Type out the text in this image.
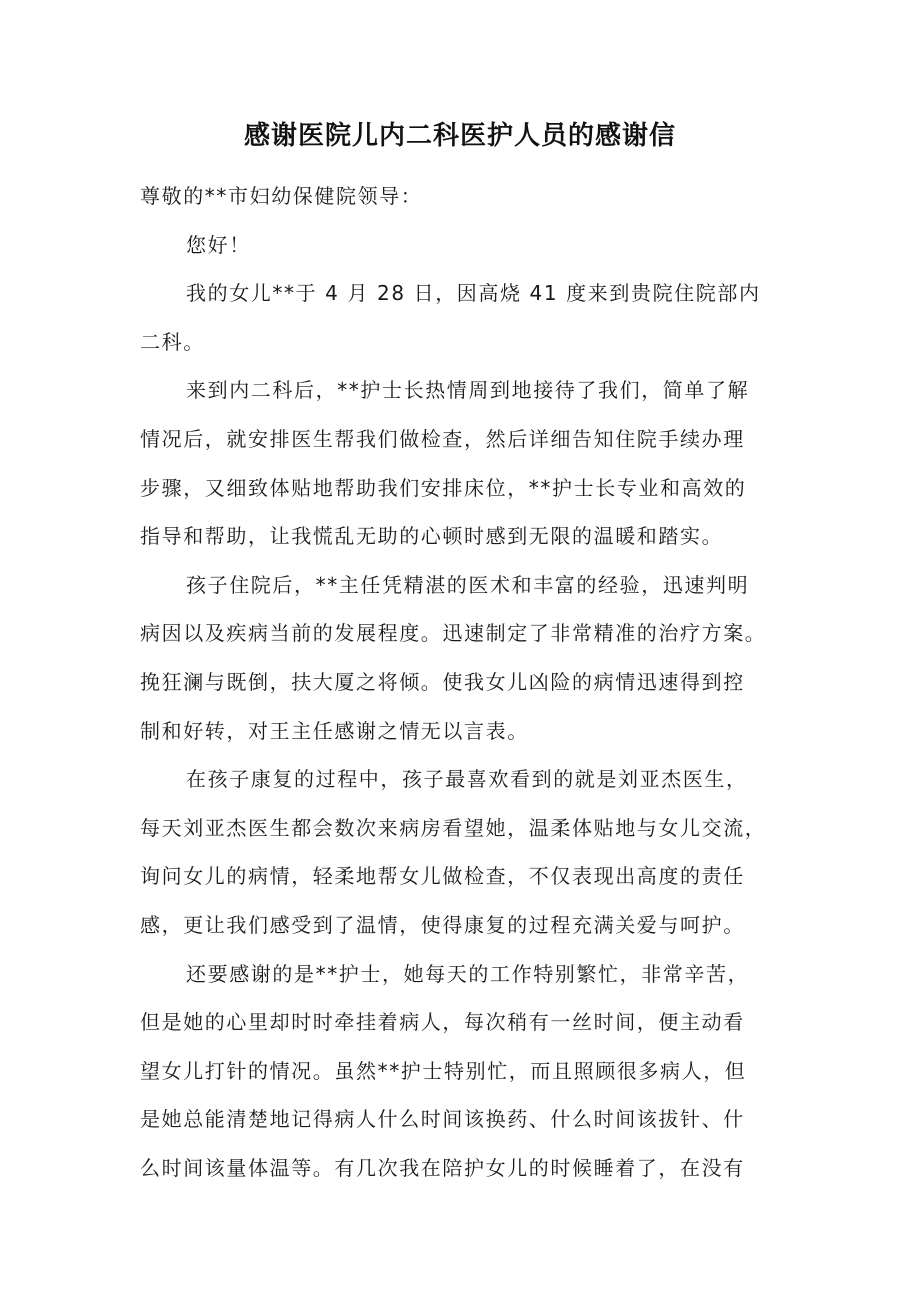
感谢医院儿内二科医护人员的感谢信
尊敬的**市妇幼保健院领导：
您好！
我的女儿**于 4 月 28 日，因高烧 41 度来到贵院住院部内
二科。
来到内二科后，**护士长热情周到地接待了我们，简单了解
情况后，就安排医生帮我们做检查，然后详细告知住院手续办理
步骤，又细致体贴地帮助我们安排床位，**护士长专业和高效的
指导和帮助，让我慌乱无助的心顿时感到无限的温暖和踏实。
孩子住院后，**主任凭精湛的医术和丰富的经验，迅速判明
病因以及疾病当前的发展程度。迅速制定了非常精准的治疗方案。
挽狂澜与既倒，扶大厦之将倾。使我女儿凶险的病情迅速得到控
制和好转，对王主任感谢之情无以言表。
在孩子康复的过程中，孩子最喜欢看到的就是刘亚杰医生，
每天刘亚杰医生都会数次来病房看望她，温柔体贴地与女儿交流，
询问女儿的病情，轻柔地帮女儿做检查，不仅表现出高度的责任
感，更让我们感受到了温情，使得康复的过程充满关爱与呵护。
还要感谢的是**护士，她每天的工作特别繁忙，非常辛苦，
但是她的心里却时时牵挂着病人，每次稍有一丝时间，便主动看
望女儿打针的情况。虽然**护士特别忙，而且照顾很多病人，但
是她总能清楚地记得病人什么时间该换药、什么时间该拔针、什
么时间该量体温等。有几次我在陪护女儿的时候睡着了，在没有
